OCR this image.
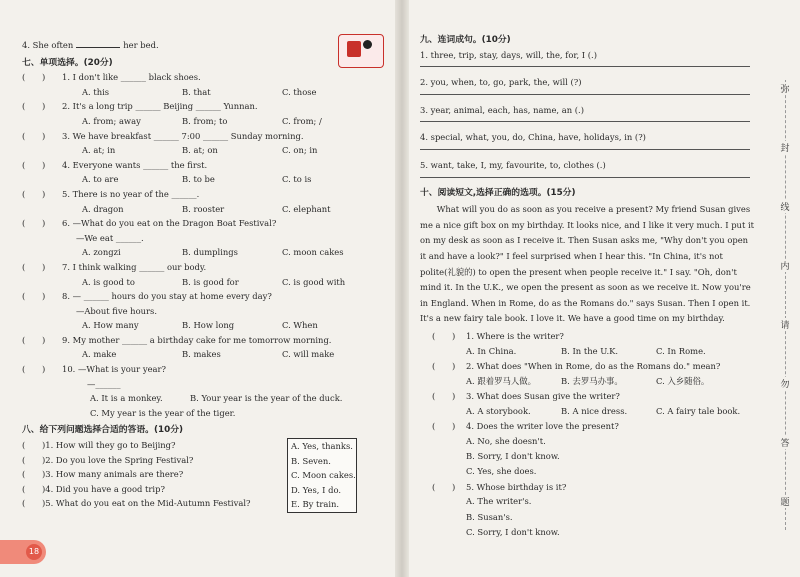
4. She often	her bed.
七、单项选择。(20分)
(　　)	1. I don't like ______ black shoes.
A. this	B. that	C. those
(　　)	2. It's a long trip ______ Beijing ______ Yunnan.
A. from; away	B. from; to	C. from; /
(　　)	3. We have breakfast ______ 7:00 ______ Sunday morning.
A. at; in	B. at; on	C. on; in
(　　)	4. Everyone wants ______ the first.
A. to are	B. to be	C. to is
(　　)	5. There is no year of the ______.
A. dragon	B. rooster	C. elephant
(　　)	6. —What do you eat on the Dragon Boat Festival?
—We eat ______.
A. zongzi	B. dumplings	C. moon cakes
(　　)	7. I think walking ______ our body.
A. is good to	B. is good for	C. is good with
(　　)	8. — ______ hours do you stay at home every day?
—About five hours.
A. How many	B. How long	C. When
(　　)	9. My mother ______ a birthday cake for me tomorrow morning.
A. make	B. makes	C. will make
(　　)	10. —What is your year?
—______
A. It is a monkey.	B. Your year is the year of the duck.
C. My year is the year of the tiger.
八、给下列问题选择合适的答语。(10分)
(　　)1. How will they go to Beijing?
(　　)2. Do you love the Spring Festival?
(　　)3. How many animals are there?
(　　)4. Did you have a good trip?
(　　)5. What do you eat on the Mid-Autumn Festival?
A. Yes, thanks.
B. Seven.
C. Moon cakes.
D. Yes, I do.
E. By train.
九、连词成句。(10分)
1. three, trip, stay, days, will, the, for, I (.)
2. you, when, to, go, park, the, will (?)
3. year, animal, each, has, name, an (.)
4. special, what, you, do, China, have, holidays, in (?)
5. want, take, I, my, favourite, to, clothes (.)
十、阅读短文,选择正确的选项。(15分)
What will you do as soon as you receive a present? My friend Susan gives me a nice gift box on my birthday. It looks nice, and I like it very much. I put it on my desk as soon as I receive it. Then Susan asks me, "Why don't you open it and have a look?" I feel surprised when I hear this. "In China, it's not polite(礼貌的) to open the present when people receive it." I say. "Oh, don't mind it. In the U.K., we open the present as soon as we receive it. Now you're in England. When in Rome, do as the Romans do." says Susan. Then I open it. It's a new fairy tale book. I love it. We have a good time on my birthday.
(　　)	1. Where is the writer?
A. In China.	B. In the U.K.	C. In Rome.
(　　)	2. What does "When in Rome, do as the Romans do." mean?
A. 跟着罗马人做。	B. 去罗马办事。	C. 入乡随俗。
(　　)	3. What does Susan give the writer?
A. A storybook.	B. A nice dress.	C. A fairy tale book.
(　　)	4. Does the writer love the present?
A. No, she doesn't.
B. Sorry, I don't know.
C. Yes, she does.
(　　)	5. Whose birthday is it?
A. The writer's.
B. Susan's.
C. Sorry, I don't know.
18
弥
封
线
内
请
勿
答
题
